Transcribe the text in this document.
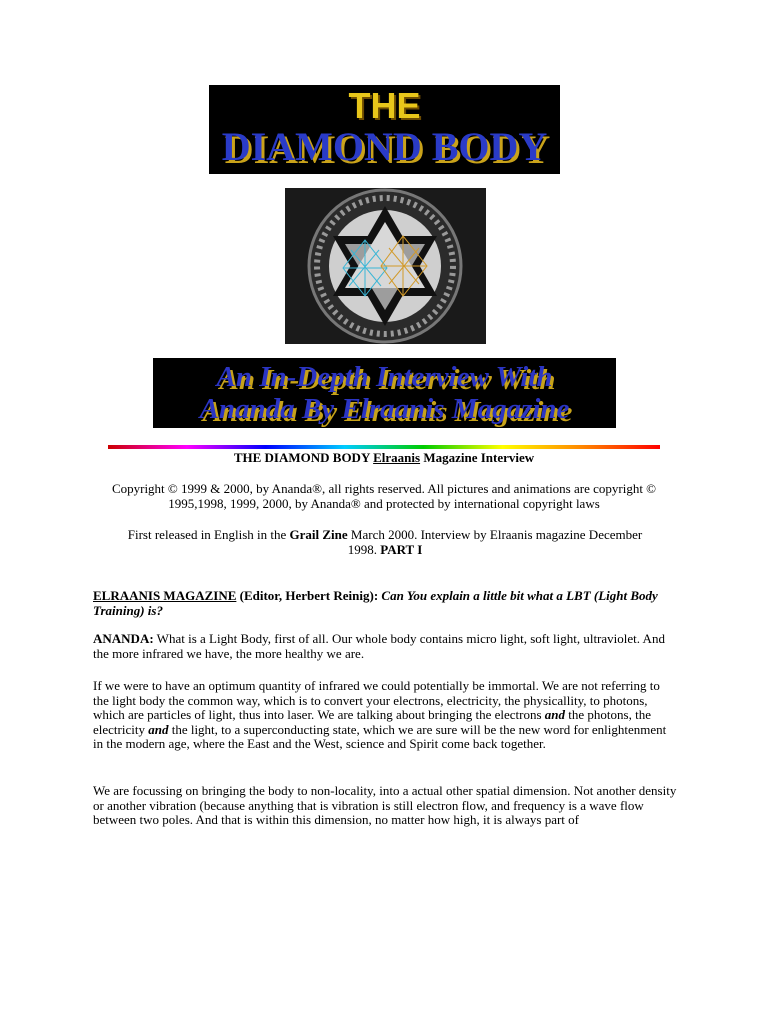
THE
DIAMOND BODY
An In-Depth Interview With
Ananda By Elraanis Magazine
THE DIAMOND BODY Elraanis Magazine Interview
Copyright © 1999 & 2000, by Ananda®, all rights reserved. All pictures and animations are copyright ©
1995,1998, 1999, 2000, by Ananda® and protected by international copyright laws
First released in English in the Grail Zine March 2000. Interview by Elraanis magazine December
1998. PART I
ELRAANIS MAGAZINE (Editor, Herbert Reinig): Can You explain a little bit what a LBT (Light Body Training) is?
ANANDA: What is a Light Body, first of all. Our whole body contains micro light, soft light, ultraviolet. And the more infrared we have, the more healthy we are.
If we were to have an optimum quantity of infrared we could potentially be immortal. We are not referring to the light body the common way, which is to convert your electrons, electricity, the physicallity, to photons, which are particles of light, thus into laser. We are talking about bringing the electrons and the photons, the electricity and the light, to a superconducting state, which we are sure will be the new word for enlightenment in the modern age, where the East and the West, science and Spirit come back together.
We are focussing on bringing the body to non-locality, into a actual other spatial dimension. Not another density or another vibration (because anything that is vibration is still electron flow, and frequency is a wave flow between two poles. And that is within this dimension, no matter how high, it is always part of
